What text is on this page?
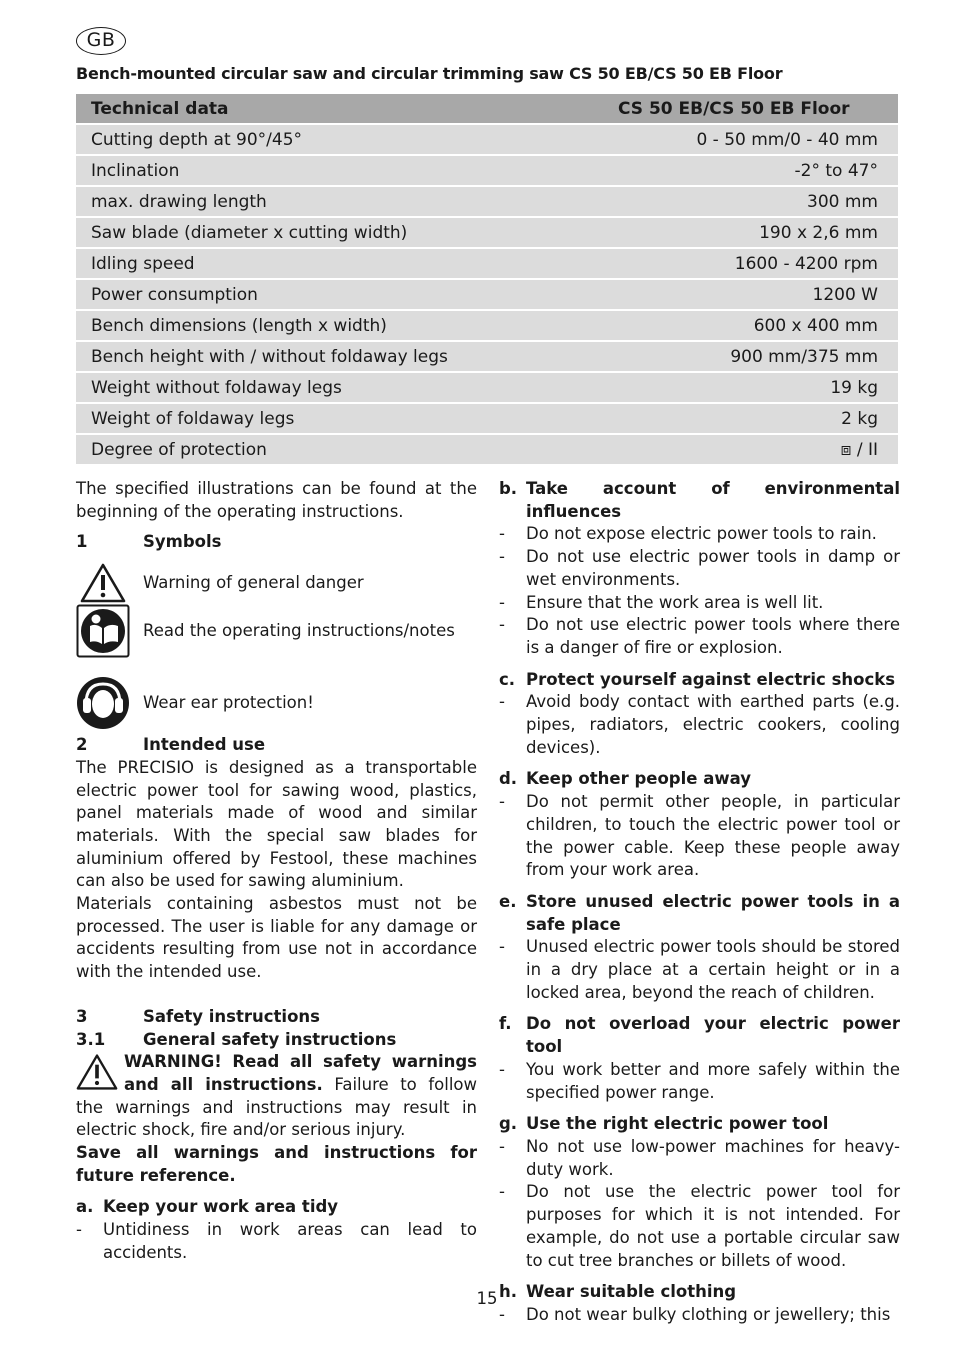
GB
Bench-mounted circular saw and circular trimming saw CS 50 EB/CS 50 EB Floor
Technical data	CS 50 EB/CS 50 EB Floor
Cutting depth at 90°/45°	0 - 50 mm/0 - 40 mm
Inclination	-2° to 47°
max. drawing length	300 mm
Saw blade (diameter x cutting width)	190 x 2,6 mm
Idling speed	1600 - 4200 rpm
Power consumption	1200 W
Bench dimensions (length x width)	600 x 400 mm
Bench height with / without foldaway legs	900 mm/375 mm
Weight without foldaway legs	19 kg
Weight of foldaway legs	2 kg
Degree of protection	⧈ / II

The specified illustrations can be found at the beginning of the operating instructions.

1	Symbols
Warning of general danger
Read the operating instructions/notes
Wear ear protection!
2	Intended use

The PRECISIO is designed as a transportable electric power tool for sawing wood, plastics, panel materials made of wood and similar materials. With the special saw blades for aluminium offered by Festool, these machines can also be used for sawing aluminium.

Materials containing asbestos must not be processed. The user is liable for any damage or accidents resulting from use not in accordance with the intended use.

3	Safety instructions
3.1	General safety instructions

WARNING! Read all safety warnings and all instructions. Failure to follow the warnings and instructions may result in electric shock, fire and/or serious injury.

Save all warnings and instructions for future reference.

a. Keep your work area tidy
-	Untidiness in work areas can lead to accidents.
b. Take account of environmental influences
-	Do not expose electric power tools to rain.
-	Do not use electric power tools in damp or wet environments.
-	Ensure that the work area is well lit.
-	Do not use electric power tools where there is a danger of fire or explosion.
c. Protect yourself against electric shocks
-	Avoid body contact with earthed parts (e.g. pipes, radiators, electric cookers, cooling devices).
d. Keep other people away
-	Do not permit other people, in particular children, to touch the electric power tool or the power cable. Keep these people away from your work area.
e. Store unused electric power tools in a safe place
-	Unused electric power tools should be stored in a dry place at a certain height or in a locked area, beyond the reach of children.
f. Do not overload your electric power tool
-	You work better and more safely within the specified power range.
g. Use the right electric power tool
-	No not use low-power machines for heavy-duty work.
-	Do not use the electric power tool for purposes for which it is not intended. For example, do not use a portable circular saw to cut tree branches or billets of wood.
h. Wear suitable clothing
-	Do not wear bulky clothing or jewellery; this
15
